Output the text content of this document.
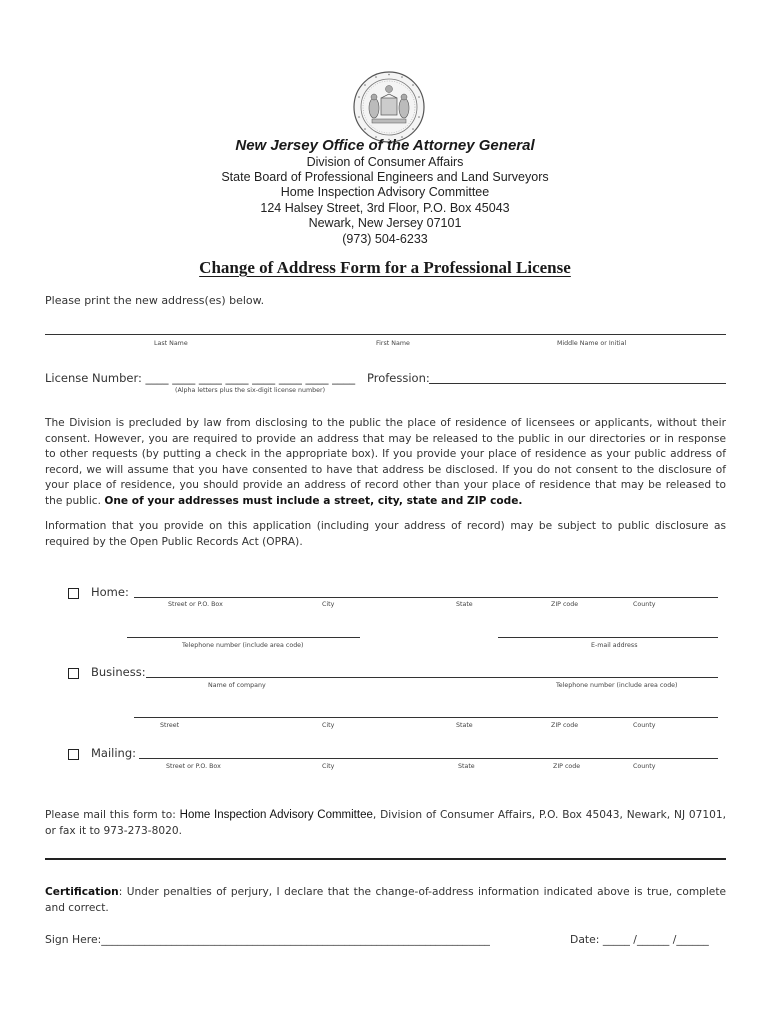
New Jersey Office of the Attorney General
Division of Consumer Affairs
State Board of Professional Engineers and Land Surveyors
Home Inspection Advisory Committee
124 Halsey Street, 3rd Floor, P.O. Box 45043
Newark, New Jersey 07101
(973) 504-6233
Change of Address Form for a Professional License
Please print the new address(es) below.
Last Name	First Name	Middle Name or Initial
License Number: ____ ____ ____ ____ ____ ____ ____ ____
(Alpha letters plus the six-digit license number)
Profession:
The Division is precluded by law from disclosing to the public the place of residence of licensees or applicants, without their consent. However, you are required to provide an address that may be released to the public in our directories or in response to other requests (by putting a check in the appropriate box). If you provide your place of residence as your public address of record, we will assume that you have consented to have that address be disclosed. If you do not consent to the disclosure of your place of residence, you should provide an address of record other than your place of residence that may be released to the public. One of your addresses must include a street, city, state and ZIP code.
Information that you provide on this application (including your address of record) may be subject to public disclosure as required by the Open Public Records Act (OPRA).
Home:
Street or P.O. Box	City	State	ZIP code	County
Telephone number (include area code)	E-mail address
Business:
Name of company	Telephone number (include area code)
Street	City	State	ZIP code	County
Mailing:
Street or P.O. Box	City	State	ZIP code	County
Please mail this form to: Home Inspection Advisory Committee, Division of Consumer Affairs, P.O. Box 45043, Newark, NJ 07101, or fax it to 973-273-8020.
Certification: Under penalties of perjury, I declare that the change-of-address information indicated above is true, complete and correct.
Sign Here:________________________________________________________________________	Date: _____ /______ /______
